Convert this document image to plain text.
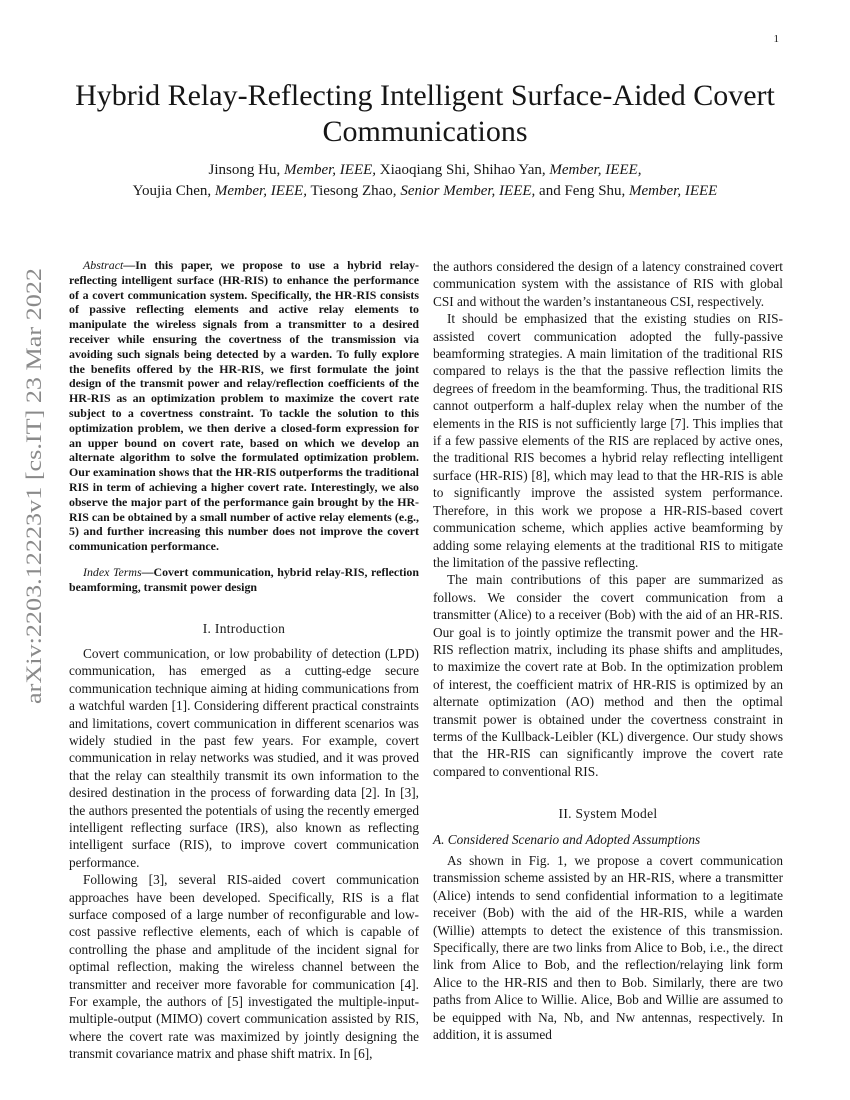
1
Hybrid Relay-Reflecting Intelligent Surface-Aided Covert Communications
Jinsong Hu, Member, IEEE, Xiaoqiang Shi, Shihao Yan, Member, IEEE,
Youjia Chen, Member, IEEE, Tiesong Zhao, Senior Member, IEEE, and Feng Shu, Member, IEEE
arXiv:2203.12223v1 [cs.IT] 23 Mar 2022

Abstract—In this paper, we propose to use a hybrid relay-reflecting intelligent surface (HR-RIS) to enhance the performance of a covert communication system. Specifically, the HR-RIS consists of passive reflecting elements and active relay elements to manipulate the wireless signals from a transmitter to a desired receiver while ensuring the covertness of the transmission via avoiding such signals being detected by a warden. To fully explore the benefits offered by the HR-RIS, we first formulate the joint design of the transmit power and relay/reflection coefficients of the HR-RIS as an optimization problem to maximize the covert rate subject to a covertness constraint. To tackle the solution to this optimization problem, we then derive a closed-form expression for an upper bound on covert rate, based on which we develop an alternate algorithm to solve the formulated optimization problem. Our examination shows that the HR-RIS outperforms the traditional RIS in term of achieving a higher covert rate. Interestingly, we also observe the major part of the performance gain brought by the HR-RIS can be obtained by a small number of active relay elements (e.g., 5) and further increasing this number does not improve the covert communication performance.

Index Terms—Covert communication, hybrid relay-RIS, reflection beamforming, transmit power design

I. Introduction

Covert communication, or low probability of detection (LPD) communication, has emerged as a cutting-edge secure communication technique aiming at hiding communications from a watchful warden [1]. Considering different practical constraints and limitations, covert communication in different scenarios was widely studied in the past few years. For example, covert communication in relay networks was studied, and it was proved that the relay can stealthily transmit its own information to the desired destination in the process of forwarding data [2]. In [3], the authors presented the potentials of using the recently emerged intelligent reflecting surface (IRS), also known as reflecting intelligent surface (RIS), to improve covert communication performance.

Following [3], several RIS-aided covert communication approaches have been developed. Specifically, RIS is a flat surface composed of a large number of reconfigurable and low-cost passive reflective elements, each of which is capable of controlling the phase and amplitude of the incident signal for optimal reflection, making the wireless channel between the transmitter and receiver more favorable for communication [4]. For example, the authors of [5] investigated the multiple-input-multiple-output (MIMO) covert communication assisted by RIS, where the covert rate was maximized by jointly designing the transmit covariance matrix and phase shift matrix. In [6],

the authors considered the design of a latency constrained covert communication system with the assistance of RIS with global CSI and without the warden’s instantaneous CSI, respectively.

It should be emphasized that the existing studies on RIS-assisted covert communication adopted the fully-passive beamforming strategies. A main limitation of the traditional RIS compared to relays is the that the passive reflection limits the degrees of freedom in the beamforming. Thus, the traditional RIS cannot outperform a half-duplex relay when the number of the elements in the RIS is not sufficiently large [7]. This implies that if a few passive elements of the RIS are replaced by active ones, the traditional RIS becomes a hybrid relay reflecting intelligent surface (HR-RIS) [8], which may lead to that the HR-RIS is able to significantly improve the assisted system performance. Therefore, in this work we propose a HR-RIS-based covert communication scheme, which applies active beamforming by adding some relaying elements at the traditional RIS to mitigate the limitation of the passive reflecting.

The main contributions of this paper are summarized as follows. We consider the covert communication from a transmitter (Alice) to a receiver (Bob) with the aid of an HR-RIS. Our goal is to jointly optimize the transmit power and the HR-RIS reflection matrix, including its phase shifts and amplitudes, to maximize the covert rate at Bob. In the optimization problem of interest, the coefficient matrix of HR-RIS is optimized by an alternate optimization (AO) method and then the optimal transmit power is obtained under the covertness constraint in terms of the Kullback-Leibler (KL) divergence. Our study shows that the HR-RIS can significantly improve the covert rate compared to conventional RIS.

II. System Model
A. Considered Scenario and Adopted Assumptions

As shown in Fig. 1, we propose a covert communication transmission scheme assisted by an HR-RIS, where a transmitter (Alice) intends to send confidential information to a legitimate receiver (Bob) with the aid of the HR-RIS, while a warden (Willie) attempts to detect the existence of this transmission. Specifically, there are two links from Alice to Bob, i.e., the direct link from Alice to Bob, and the reflection/relaying link form Alice to the HR-RIS and then to Bob. Similarly, there are two paths from Alice to Willie. Alice, Bob and Willie are assumed to be equipped with Na, Nb, and Nw antennas, respectively. In addition, it is assumed
